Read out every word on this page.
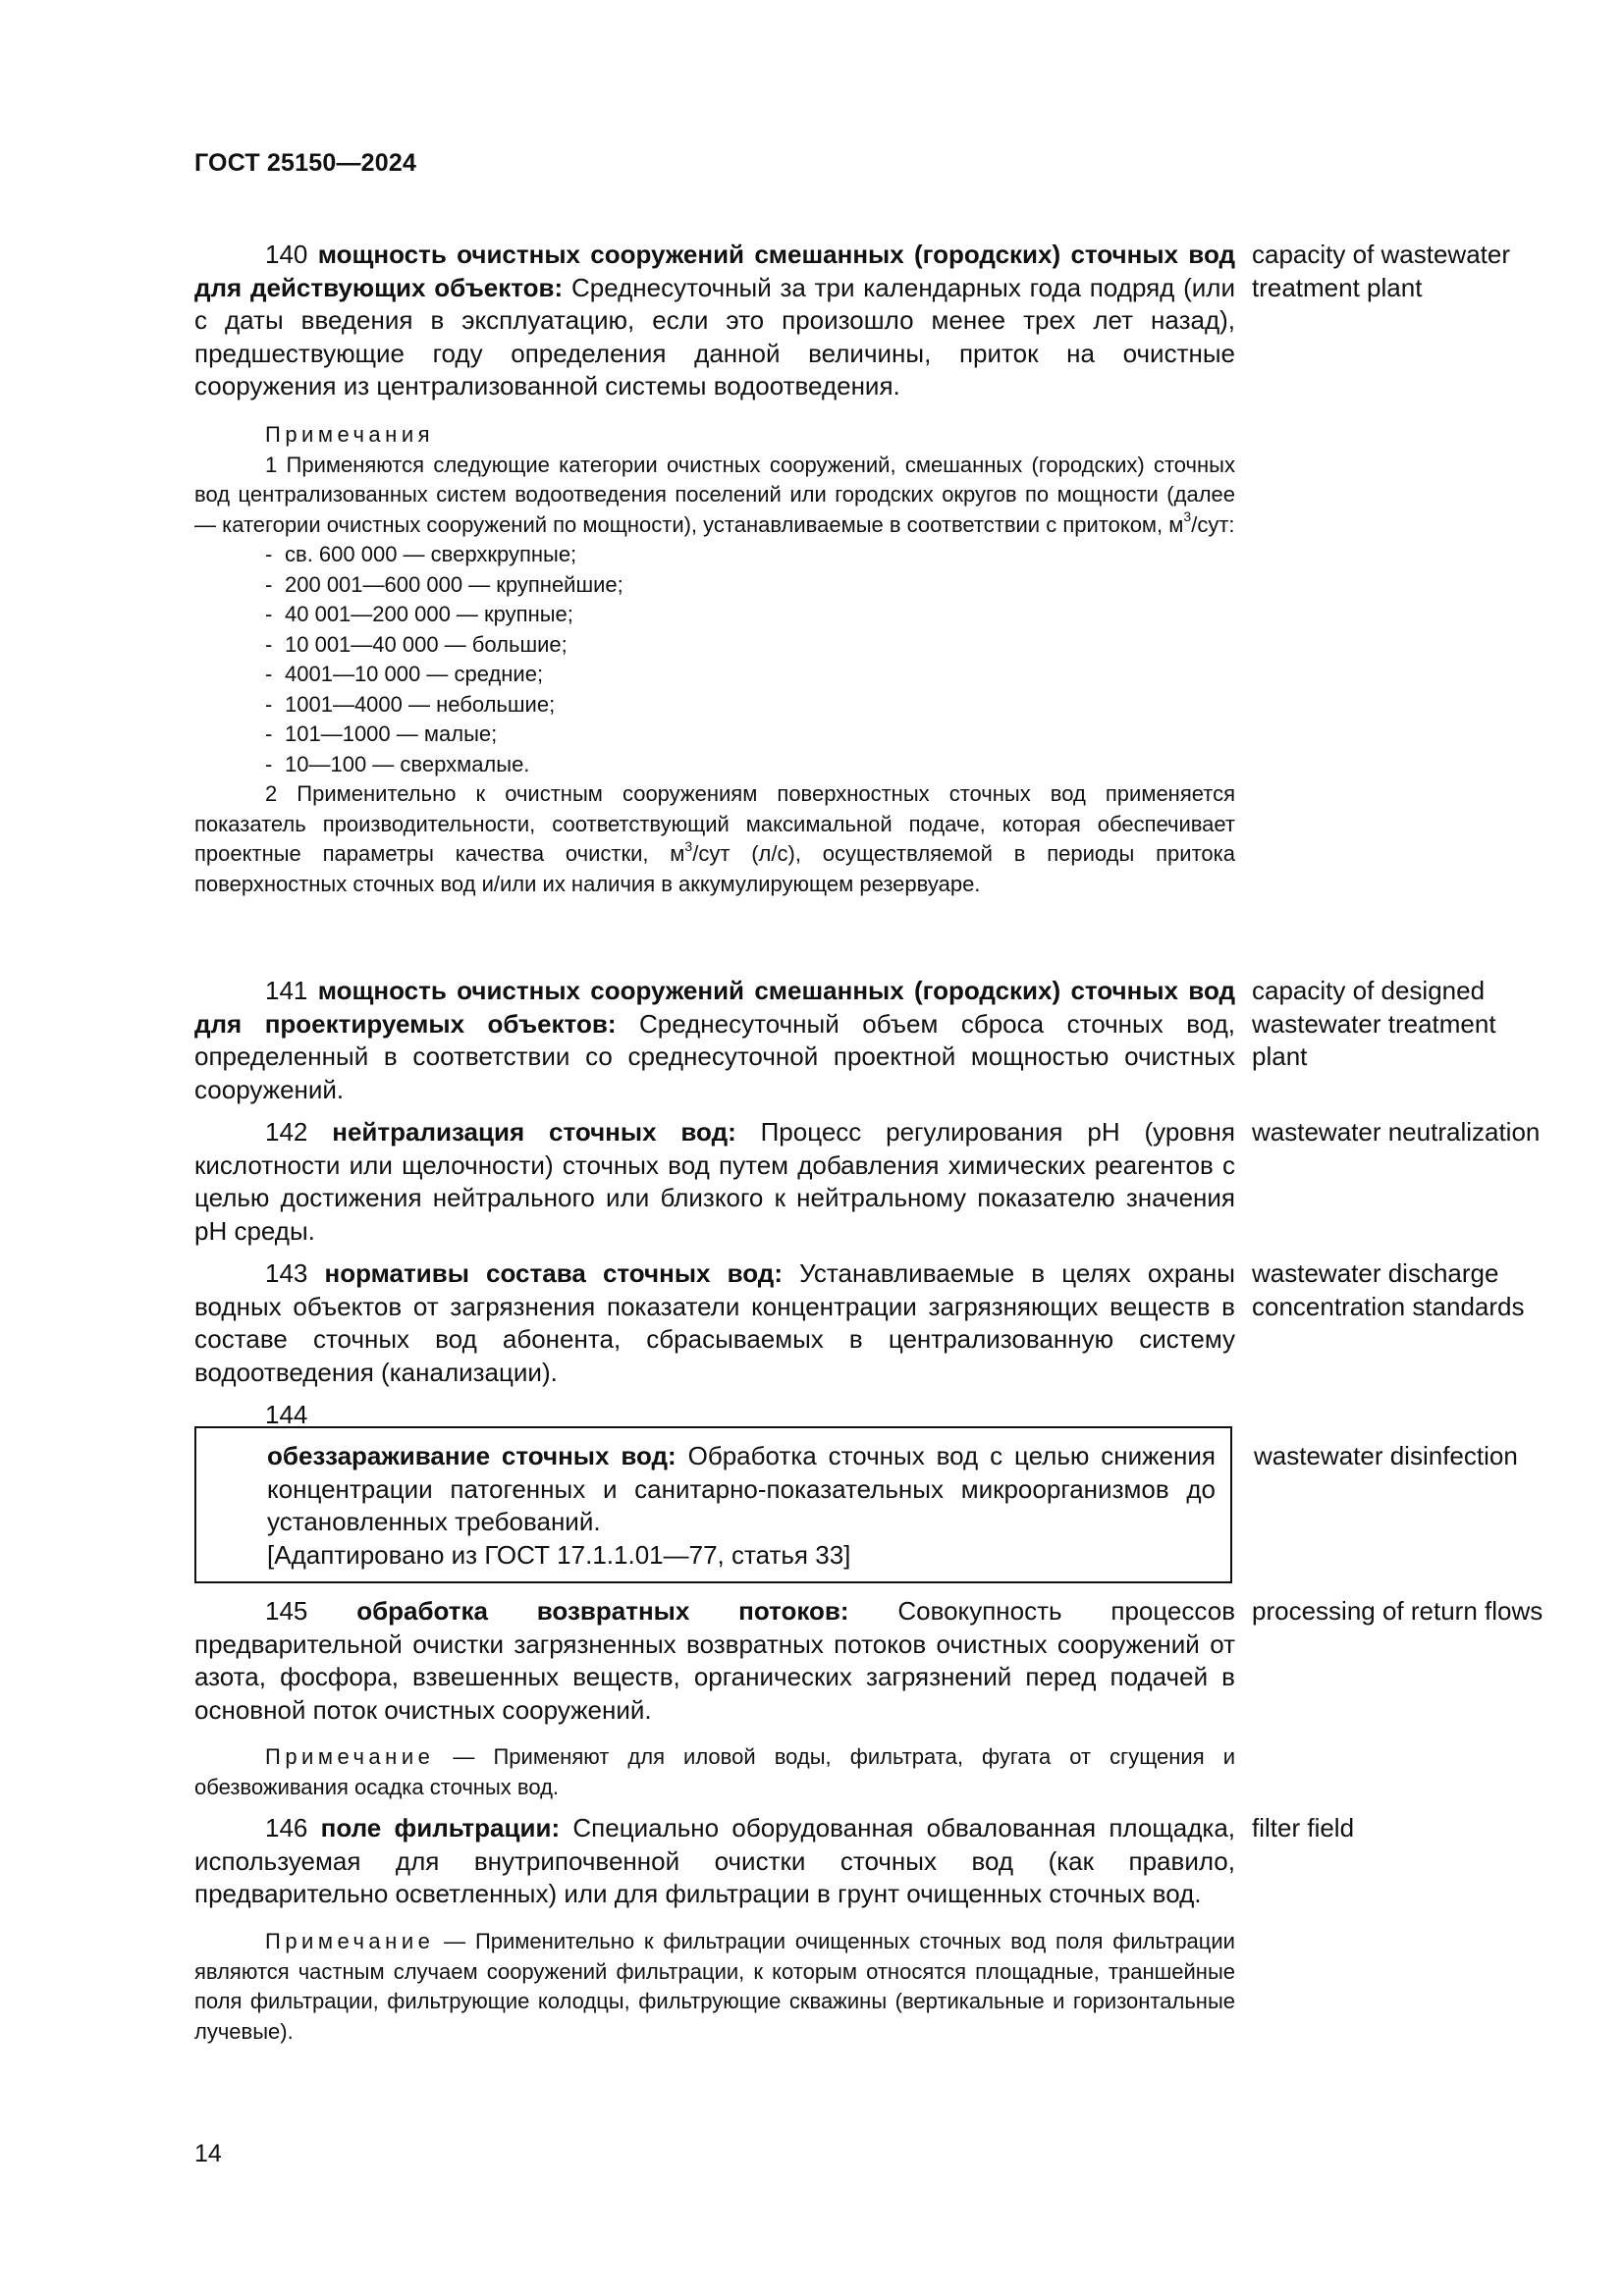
ГОСТ 25150—2024
140 мощность очистных сооружений смешанных (городских) сточных вод для действующих объектов: Среднесуточный за три календарных года подряд (или с даты введения в эксплуатацию, если это произошло менее трех лет назад), предшествующие году определения данной величины, приток на очистные сооружения из централизованной системы водоотведения.
capacity of wastewater treatment plant

Примечания

1 Применяются следующие категории очистных сооружений, смешанных (городских) сточных вод централизованных систем водоотведения поселений или городских округов по мощности (далее — категории очистных сооружений по мощности), устанавливаемые в соответствии с притоком, $м^3$/сут:

- св. 600 000 — сверхкрупные;
- 200 001—600 000 — крупнейшие;
- 40 001—200 000 — крупные;
- 10 001—40 000 — большие;
- 4001—10 000 — средние;
- 1001—4000 — небольшие;
- 101—1000 — малые;
- 10—100 — сверхмалые.

2 Применительно к очистным сооружениям поверхностных сточных вод применяется показатель производительности, соответствующий максимальной подаче, которая обеспечивает проектные параметры качества очистки, $м^3$/сут (л/с), осуществляемой в периоды притока поверхностных сточных вод и/или их наличия в аккумулирующем резервуаре.

141 мощность очистных сооружений смешанных (городских) сточных вод для проектируемых объектов: Среднесуточный объем сброса сточных вод, определенный в соответствии со среднесуточной проектной мощностью очистных сооружений.
capacity of designed wastewater treatment plant
142 нейтрализация сточных вод: Процесс регулирования pH (уровня кислотности или щелочности) сточных вод путем добавления химических реагентов с целью достижения нейтрального или близкого к нейтральному показателю значения pH среды.
wastewater neutralization
143 нормативы состава сточных вод: Устанавливаемые в целях охраны водных объектов от загрязнения показатели концентрации загрязняющих веществ в составе сточных вод абонента, сбрасываемых в централизованную систему водоотведения (канализации).
wastewater discharge concentration standards
144
обеззараживание сточных вод: Обработка сточных вод с целью снижения концентрации патогенных и санитарно-показательных микроорганизмов до установленных требований.
[Адаптировано из ГОСТ 17.1.1.01—77, статья 33]
wastewater disinfection
145 обработка возвратных потоков: Совокупность процессов предварительной очистки загрязненных возвратных потоков очистных сооружений от азота, фосфора, взвешенных веществ, органических загрязнений перед подачей в основной поток очистных сооружений.
processing of return flows

Примечание — Применяют для иловой воды, фильтрата, фугата от сгущения и обезвоживания осадка сточных вод.

146 поле фильтрации: Специально оборудованная обвалованная площадка, используемая для внутрипочвенной очистки сточных вод (как правило, предварительно осветленных) или для фильтрации в грунт очищенных сточных вод.
filter field

Примечание — Применительно к фильтрации очищенных сточных вод поля фильтрации являются частным случаем сооружений фильтрации, к которым относятся площадные, траншейные поля фильтрации, фильтрующие колодцы, фильтрующие скважины (вертикальные и горизонтальные лучевые).

14
